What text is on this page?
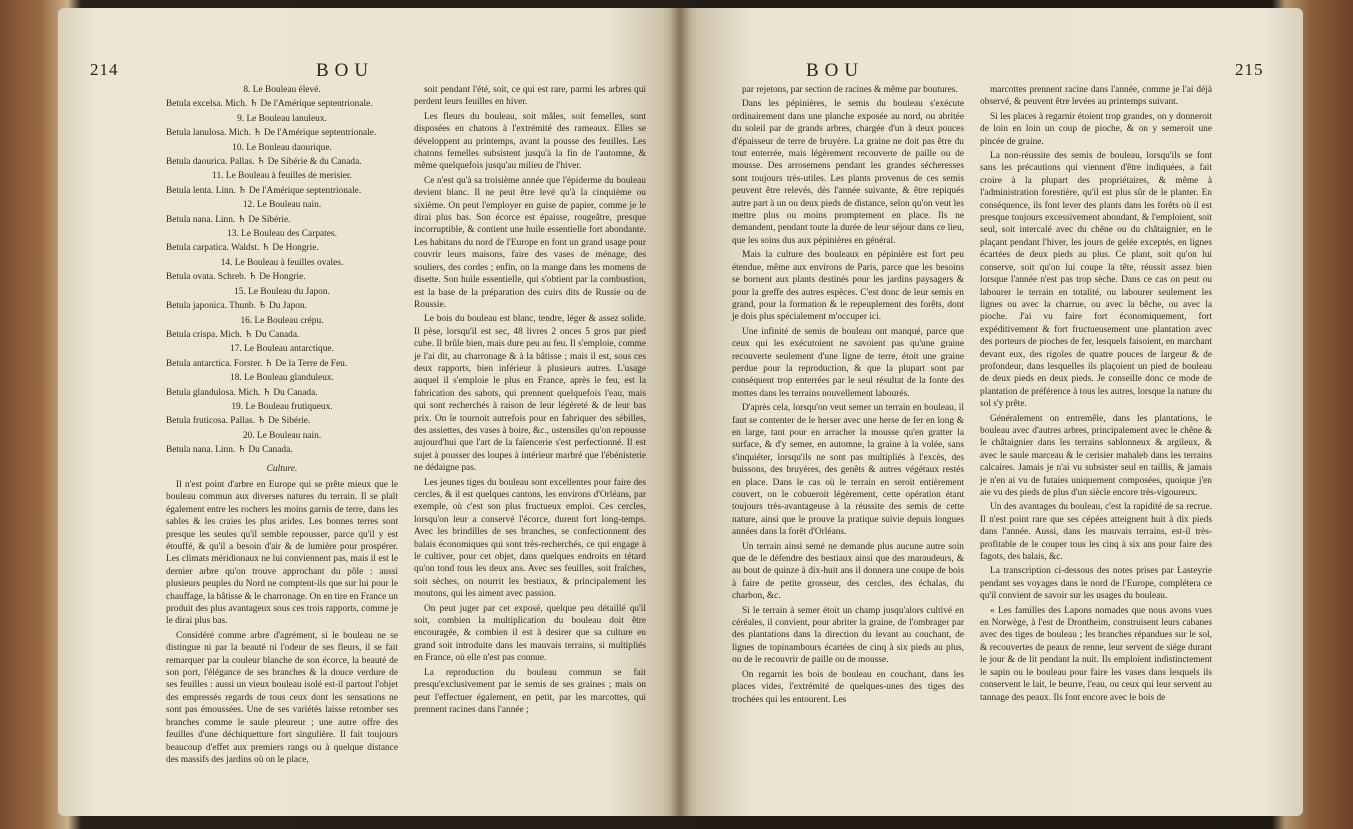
214	BOU

8. Le Bouleau élevé.

Betula excelsa. Mich. ♄ De l'Amérique septentrionale.

9. Le Bouleau lanuleux.

Betula lanulosa. Mich. ♄ De l'Amérique septentrionale.

10. Le Bouleau daourique.

Betula daourica. Pallas. ♄ De Sibérie & du Canada.

11. Le Bouleau à feuilles de merisier.

Betula lenta. Linn. ♄ De l'Amérique septentrionale.

12. Le Bouleau nain.

Betula nana. Linn. ♄ De Sibérie.

13. Le Bouleau des Carpates.

Betula carpatica. Waldst. ♄ De Hongrie.

14. Le Bouleau à feuilles ovales.

Betula ovata. Schreb. ♄ De Hongrie.

15. Le Bouleau du Japon.

Betula japonica. Thunb. ♄ Du Japon.

16. Le Bouleau crépu.

Betula crispa. Mich. ♄ Du Canada.

17. Le Bouleau antarctique.

Betula antarctica. Forster. ♄ De la Terre de Feu.

18. Le Bouleau glanduleux.

Betula glandulosa. Mich. ♄ Du Canada.

19. Le Bouleau frutiqueux.

Betula fruticosa. Pallas. ♄ De Sibérie.

20. Le Bouleau nain.

Betula nana. Linn. ♄ Du Canada.

Culture.

Il n'est point d'arbre en Europe qui se prête mieux que le bouleau commun aux diverses natures du terrain. Il se plaît également entre les rochers les moins garnis de terre, dans les sables & les craies les plus arides. Les bonnes terres sont presque les seules qu'il semble repousser, parce qu'il y est étouffé, & qu'il a besoin d'air & de lumière pour prospérer. Les climats méridionaux ne lui conviennent pas, mais il est le dernier arbre qu'on trouve approchant du pôle : aussi plusieurs peuples du Nord ne comptent-ils que sur lui pour le chauffage, la bâtisse & le charronage. On en tire en France un produit des plus avantageux sous ces trois rapports, comme je le dirai plus bas.

Considéré comme arbre d'agrément, si le bouleau ne se distingue ni par la beauté ni l'odeur de ses fleurs, il se fait remarquer par la couleur blanche de son écorce, la beauté de son port, l'élégance de ses branches & la douce verdure de ses feuilles : aussi un vieux bouleau isolé est-il partout l'objet des empressés regards de tous ceux dont les sensations ne sont pas émoussées. Une de ses variétés laisse retomber ses branches comme le saule pleureur ; une autre offre des feuilles d'une déchiquetture fort singulière. Il fait toujours beaucoup d'effet aux premiers rangs ou à quelque distance des massifs des jardins où on le place,

soit pendant l'été, soit, ce qui est rare, parmi les arbres qui perdent leurs feuilles en hiver.

Les fleurs du bouleau, soit mâles, soit femelles, sont disposées en chatons à l'extrémité des rameaux. Elles se développent au printemps, avant la pousse des feuilles. Les chatons femelles subsistent jusqu'à la fin de l'automne, & même quelquefois jusqu'au milieu de l'hiver.

Ce n'est qu'à sa troisième année que l'épiderme du bouleau devient blanc. Il ne peut être levé qu'à la cinquième ou sixième. On peut l'employer en guise de papier, comme je le dirai plus bas. Son écorce est épaisse, rougeâtre, presque incorruptible, & contient une huile essentielle fort abondante. Les habitans du nord de l'Europe en font un grand usage pour couvrir leurs maisons, faire des vases de ménage, des souliers, des cordes ; enfin, on la mange dans les momens de disette. Son huile essentielle, qui s'obtient par la combustion, est la base de la préparation des cuirs dits de Russie ou de Roussie.

Le bois du bouleau est blanc, tendre, léger & assez solide. Il pèse, lorsqu'il est sec, 48 livres 2 onces 5 gros par pied cube. Il brûle bien, mais dure peu au feu. Il s'emploie, comme je l'ai dit, au charronage & à la bâtisse ; mais il est, sous ces deux rapports, bien inférieur à plusieurs autres. L'usage auquel il s'emploie le plus en France, après le feu, est la fabrication des sabots, qui prennent quelquefois l'eau, mais qui sont recherchés à raison de leur légèreté & de leur bas prix. On le tournoit autrefois pour en fabriquer des sébilles, des assiettes, des vases à boire, &c., ustensiles qu'on repousse aujourd'hui que l'art de la faïencerie s'est perfectionné. Il est sujet à pousser des loupes à intérieur marbré que l'ébénisterie ne dédaigne pas.

Les jeunes tiges du bouleau sont excellentes pour faire des cercles, & il est quelques cantons, les environs d'Orléans, par exemple, où c'est son plus fructueux emploi. Ces cercles, lorsqu'on leur a conservé l'écorce, durent fort long-temps. Avec les brindilles de ses branches, se confectionnent des balais économiques qui sont très-recherchés, ce qui engage à le cultiver, pour cet objet, dans quelques endroits en tétard qu'on tond tous les deux ans. Avec ses feuilles, soit fraîches, soit sèches, on nourrit les bestiaux, & principalement les moutons, qui les aiment avec passion.

On peut juger par cet exposé, quelque peu détaillé qu'il soit, combien la multiplication du bouleau doit être encouragée, & combien il est à desirer que sa culture en grand soit introduite dans les mauvais terrains, si multipliés en France, où elle n'est pas connue.

La reproduction du bouleau commun se fait presqu'exclusivement par le semis de ses graines ; mais on peut l'effectuer également, en petit, par les marcottes, qui prennent racines dans l'année ;

BOU	215

par rejetons, par section de racines & même par boutures.

Dans les pépinières, le semis du bouleau s'exécute ordinairement dans une planche exposée au nord, ou abritée du soleil par de grands arbres, chargée d'un à deux pouces d'épaisseur de terre de bruyère. La graine ne doit pas être du tout enterrée, mais légèrement recouverte de paille ou de mousse. Des arrosemens pendant les grandes sécheresses sont toujours très-utiles. Les plants provenus de ces semis peuvent être relevés, dès l'année suivante, & être repiqués autre part à un ou deux pieds de distance, selon qu'on veut les mettre plus ou moins promptement en place. Ils ne demandent, pendant toute la durée de leur séjour dans ce lieu, que les soins dus aux pépinières en général.

Mais la culture des bouleaux en pépinière est fort peu étendue, même aux environs de Paris, parce que les besoins se bornent aux plants destinés pour les jardins paysagers & pour la greffe des autres espèces. C'est donc de leur semis en grand, pour la formation & le repeuplement des forêts, dont je dois plus spécialement m'occuper ici.

Une infinité de semis de bouleau ont manqué, parce que ceux qui les exécutoient ne savoient pas qu'une graine recouverte seulement d'une ligne de terre, étoit une graine perdue pour la reproduction, & que la plupart sont par conséquent trop enterrées par le seul résultat de la fonte des mottes dans les terrains nouvellement labourés.

D'après cela, lorsqu'on veut semer un terrain en bouleau, il faut se contenter de le herser avec une herse de fer en long & en large, tant pour en arracher la mousse qu'en gratter la surface, & d'y semer, en automne, la graine à la volée, sans s'inquiéter, lorsqu'ils ne sont pas multipliés à l'excès, des buissons, des bruyères, des genêts & autres végétaux restés en place. Dans le cas où le terrain en seroit entièrement couvert, on le cobueroit légèrement, cette opération étant toujours très-avantageuse à la réussite des semis de cette nature, ainsi que le prouve la pratique suivie depuis longues années dans la forêt d'Orléans.

Un terrain ainsi semé ne demande plus aucune autre soin que de le défendre des bestiaux ainsi que des maraudeurs, & au bout de quinze à dix-huit ans il donnera une coupe de bois à faire de petite grosseur, des cercles, des échalas, du charbon, &c.

Si le terrain à semer étoit un champ jusqu'alors cultivé en céréales, il convient, pour abriter la graine, de l'ombrager par des plantations dans la direction du levant au couchant, de lignes de topinambours écartées de cinq à six pieds au plus, ou de le recouvrir de paille ou de mousse.

On regarnit les bois de bouleau en couchant, dans les places vides, l'extrémité de quelques-unes des tiges des trochées qui les entourent. Les

marcottes prennent racine dans l'année, comme je l'ai déjà observé, & peuvent être levées au printemps suivant.

Si les places à regarnir étoient trop grandes, on y donneroit de loin en loin un coup de pioche, & on y semeroit une pincée de graine.

La non-réussite des semis de bouleau, lorsqu'ils se font sans les précautions qui viennent d'être indiquées, a fait croire à la plupart des propriétaires, & même à l'administration forestière, qu'il est plus sûr de le planter. En conséquence, ils font lever des plants dans les forêts où il est presque toujours excessivement abondant, & l'emploient, soit seul, soit intercalé avec du chêne ou du châtaignier, en le plaçant pendant l'hiver, les jours de gelée exceptés, en lignes écartées de deux pieds au plus. Ce plant, soit qu'on lui conserve, soit qu'on lui coupe la tête, réussit assez bien lorsque l'année n'est pas trop sèche. Dans ce cas on peut ou labourer le terrain en totalité, ou labourer seulement les lignes ou avec la charrue, ou avec la bêche, ou avec la pioche. J'ai vu faire fort économiquement, fort expéditivement & fort fructueusement une plantation avec des porteurs de pioches de fer, lesquels faisoient, en marchant devant eux, des rigoles de quatre pouces de largeur & de profondeur, dans lesquelles ils plaçoient un pied de bouleau de deux pieds en deux pieds. Je conseille donc ce mode de plantation de préférence à tous les autres, lorsque la nature du sol s'y prête.

Généralement on entremêle, dans les plantations, le bouleau avec d'autres arbres, principalement avec le chêne & le châtaignier dans les terrains sablonneux & argileux, & avec le saule marceau & le cerisier mahaleb dans les terrains calcaires. Jamais je n'ai vu subsister seul en taillis, & jamais je n'en ai vu de futaies uniquement composées, quoique j'en aie vu des pieds de plus d'un siècle encore très-vigoureux.

Un des avantages du bouleau, c'est la rapidité de sa recrue. Il n'est point rare que ses cépées atteignent huit à dix pieds dans l'année. Aussi, dans les mauvais terrains, est-il très-profitable de le couper tous les cinq à six ans pour faire des fagots, des balais, &c.

La transcription ci-dessous des notes prises par Lasteyrie pendant ses voyages dans le nord de l'Europe, complétera ce qu'il convient de savoir sur les usages du bouleau.

« Les familles des Lapons nomades que nous avons vues en Norwège, à l'est de Drontheim, construisent leurs cabanes avec des tiges de bouleau ; les branches répandues sur le sol, & recouvertes de peaux de renne, leur servent de siége durant le jour & de lit pendant la nuit. Ils emploient indistinctement le sapin ou le bouleau pour faire les vases dans lesquels ils conservent le lait, le beurre, l'eau, ou ceux qui leur servent au tannage des peaux. Ils font encore avec le bois de
